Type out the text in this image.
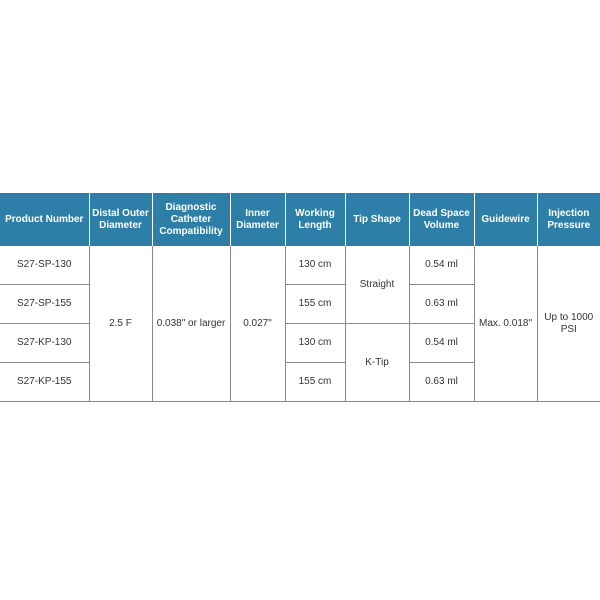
Product Number	Distal Outer Diameter	Diagnostic Catheter Compatibility	Inner Diameter	Working Length	Tip Shape	Dead Space Volume	Guidewire	Injection Pressure
S27-SP-130	2.5 F	0.038" or larger	0.027"	130 cm	Straight	0.54 ml	Max. 0.018"	Up to 1000 PSI
S27-SP-155				155 cm		0.63 ml		
S27-KP-130				130 cm	K-Tip	0.54 ml		
S27-KP-155				155 cm		0.63 ml		
